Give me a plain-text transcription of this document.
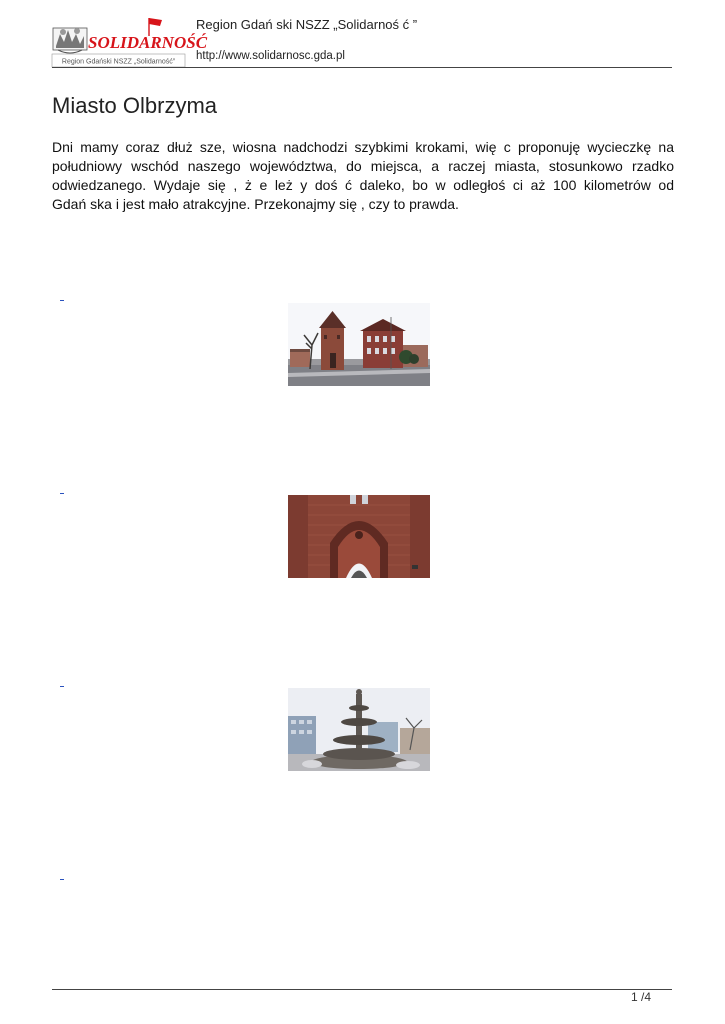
SOLIDARNOŚĆ
Region Gdański NSZZ „Solidarność”
Region Gdań ski NSZZ „Solidarnoś ć ”
http://www.solidarnosc.gda.pl
Miasto Olbrzyma

Dni mamy coraz dłuż sze, wiosna nadchodzi szybkimi krokami, wię c proponuję wycieczkę na
południowy wschód naszego województwa, do miejsca, a raczej miasta, stosunkowo rzadko
odwiedzanego. Wydaje się , ż e leż y doś ć daleko, bo w odległoś ci aż 100 kilometrów od
Gdań ska i jest mało atrakcyjne. Przekonajmy się , czy to prawda.

1 /4
